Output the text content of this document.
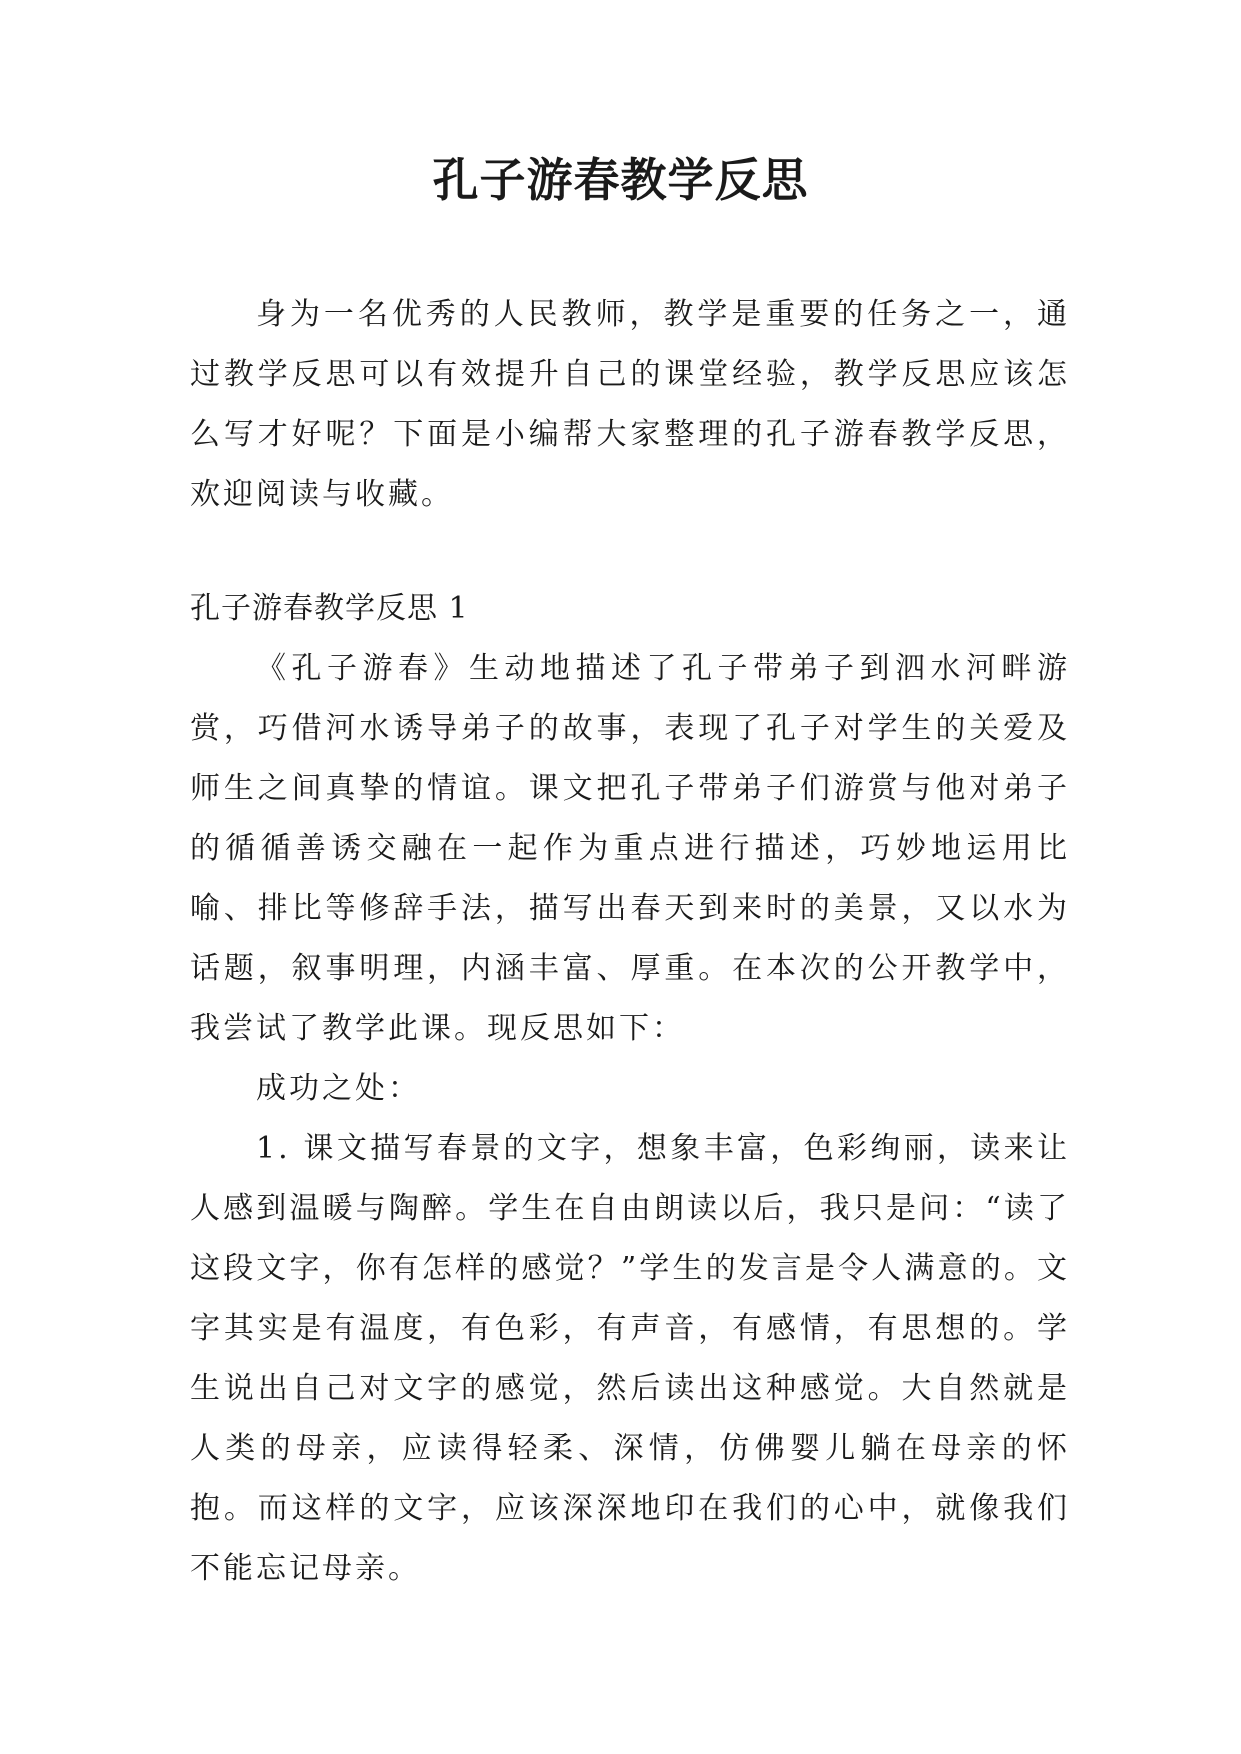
孔子游春教学反思

身为一名优秀的人民教师，教学是重要的任务之一，通过教学反思可以有效提升自己的课堂经验，教学反思应该怎么写才好呢？下面是小编帮大家整理的孔子游春教学反思，欢迎阅读与收藏。

孔子游春教学反思 1

《孔子游春》生动地描述了孔子带弟子到泗水河畔游赏，巧借河水诱导弟子的故事，表现了孔子对学生的关爱及师生之间真挚的情谊。课文把孔子带弟子们游赏与他对弟子的循循善诱交融在一起作为重点进行描述，巧妙地运用比喻、排比等修辞手法，描写出春天到来时的美景，又以水为话题，叙事明理，内涵丰富、厚重。在本次的公开教学中，我尝试了教学此课。现反思如下：

成功之处：

1. 课文描写春景的文字，想象丰富，色彩绚丽，读来让人感到温暖与陶醉。学生在自由朗读以后，我只是问：“读了这段文字，你有怎样的感觉？”学生的发言是令人满意的。文字其实是有温度，有色彩，有声音，有感情，有思想的。学生说出自己对文字的感觉，然后读出这种感觉。大自然就是人类的母亲，应读得轻柔、深情，仿佛婴儿躺在母亲的怀抱。而这样的文字，应该深深地印在我们的心中，就像我们不能忘记母亲。
